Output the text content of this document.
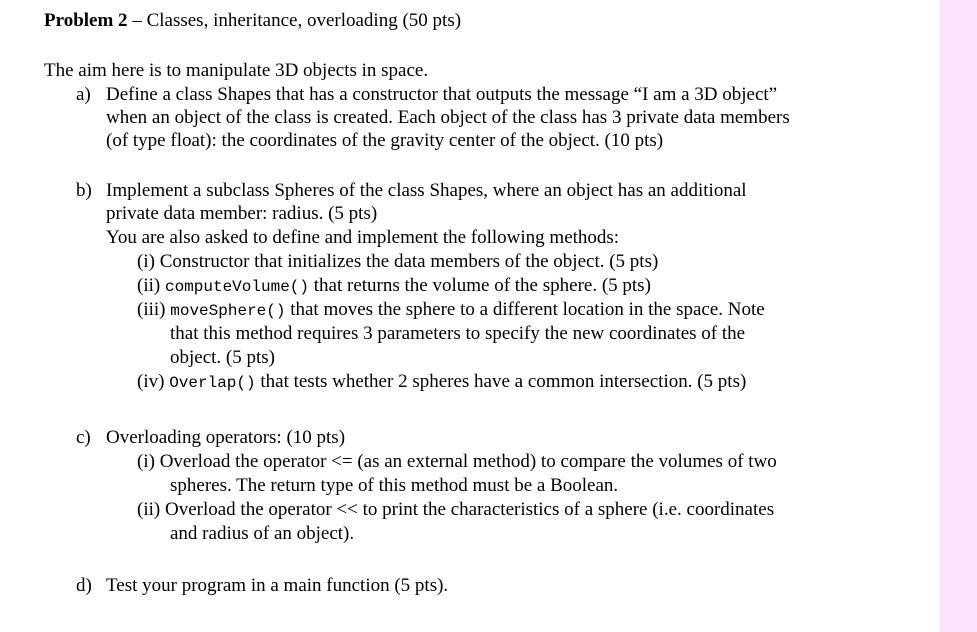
Problem 2 – Classes, inheritance, overloading (50 pts)
The aim here is to manipulate 3D objects in space.
a) Define a class Shapes that has a constructor that outputs the message “I am a 3D object”
when an object of the class is created. Each object of the class has 3 private data members
(of type float): the coordinates of the gravity center of the object. (10 pts)
b) Implement a subclass Spheres of the class Shapes, where an object has an additional
private data member: radius. (5 pts)
You are also asked to define and implement the following methods:
(i) Constructor that initializes the data members of the object. (5 pts)
(ii) computeVolume() that returns the volume of the sphere. (5 pts)
(iii) moveSphere() that moves the sphere to a different location in the space. Note
that this method requires 3 parameters to specify the new coordinates of the
object. (5 pts)
(iv) Overlap() that tests whether 2 spheres have a common intersection. (5 pts)
c) Overloading operators: (10 pts)
(i) Overload the operator <= (as an external method) to compare the volumes of two
spheres. The return type of this method must be a Boolean.
(ii) Overload the operator << to print the characteristics of a sphere (i.e. coordinates
and radius of an object).
d) Test your program in a main function (5 pts).
